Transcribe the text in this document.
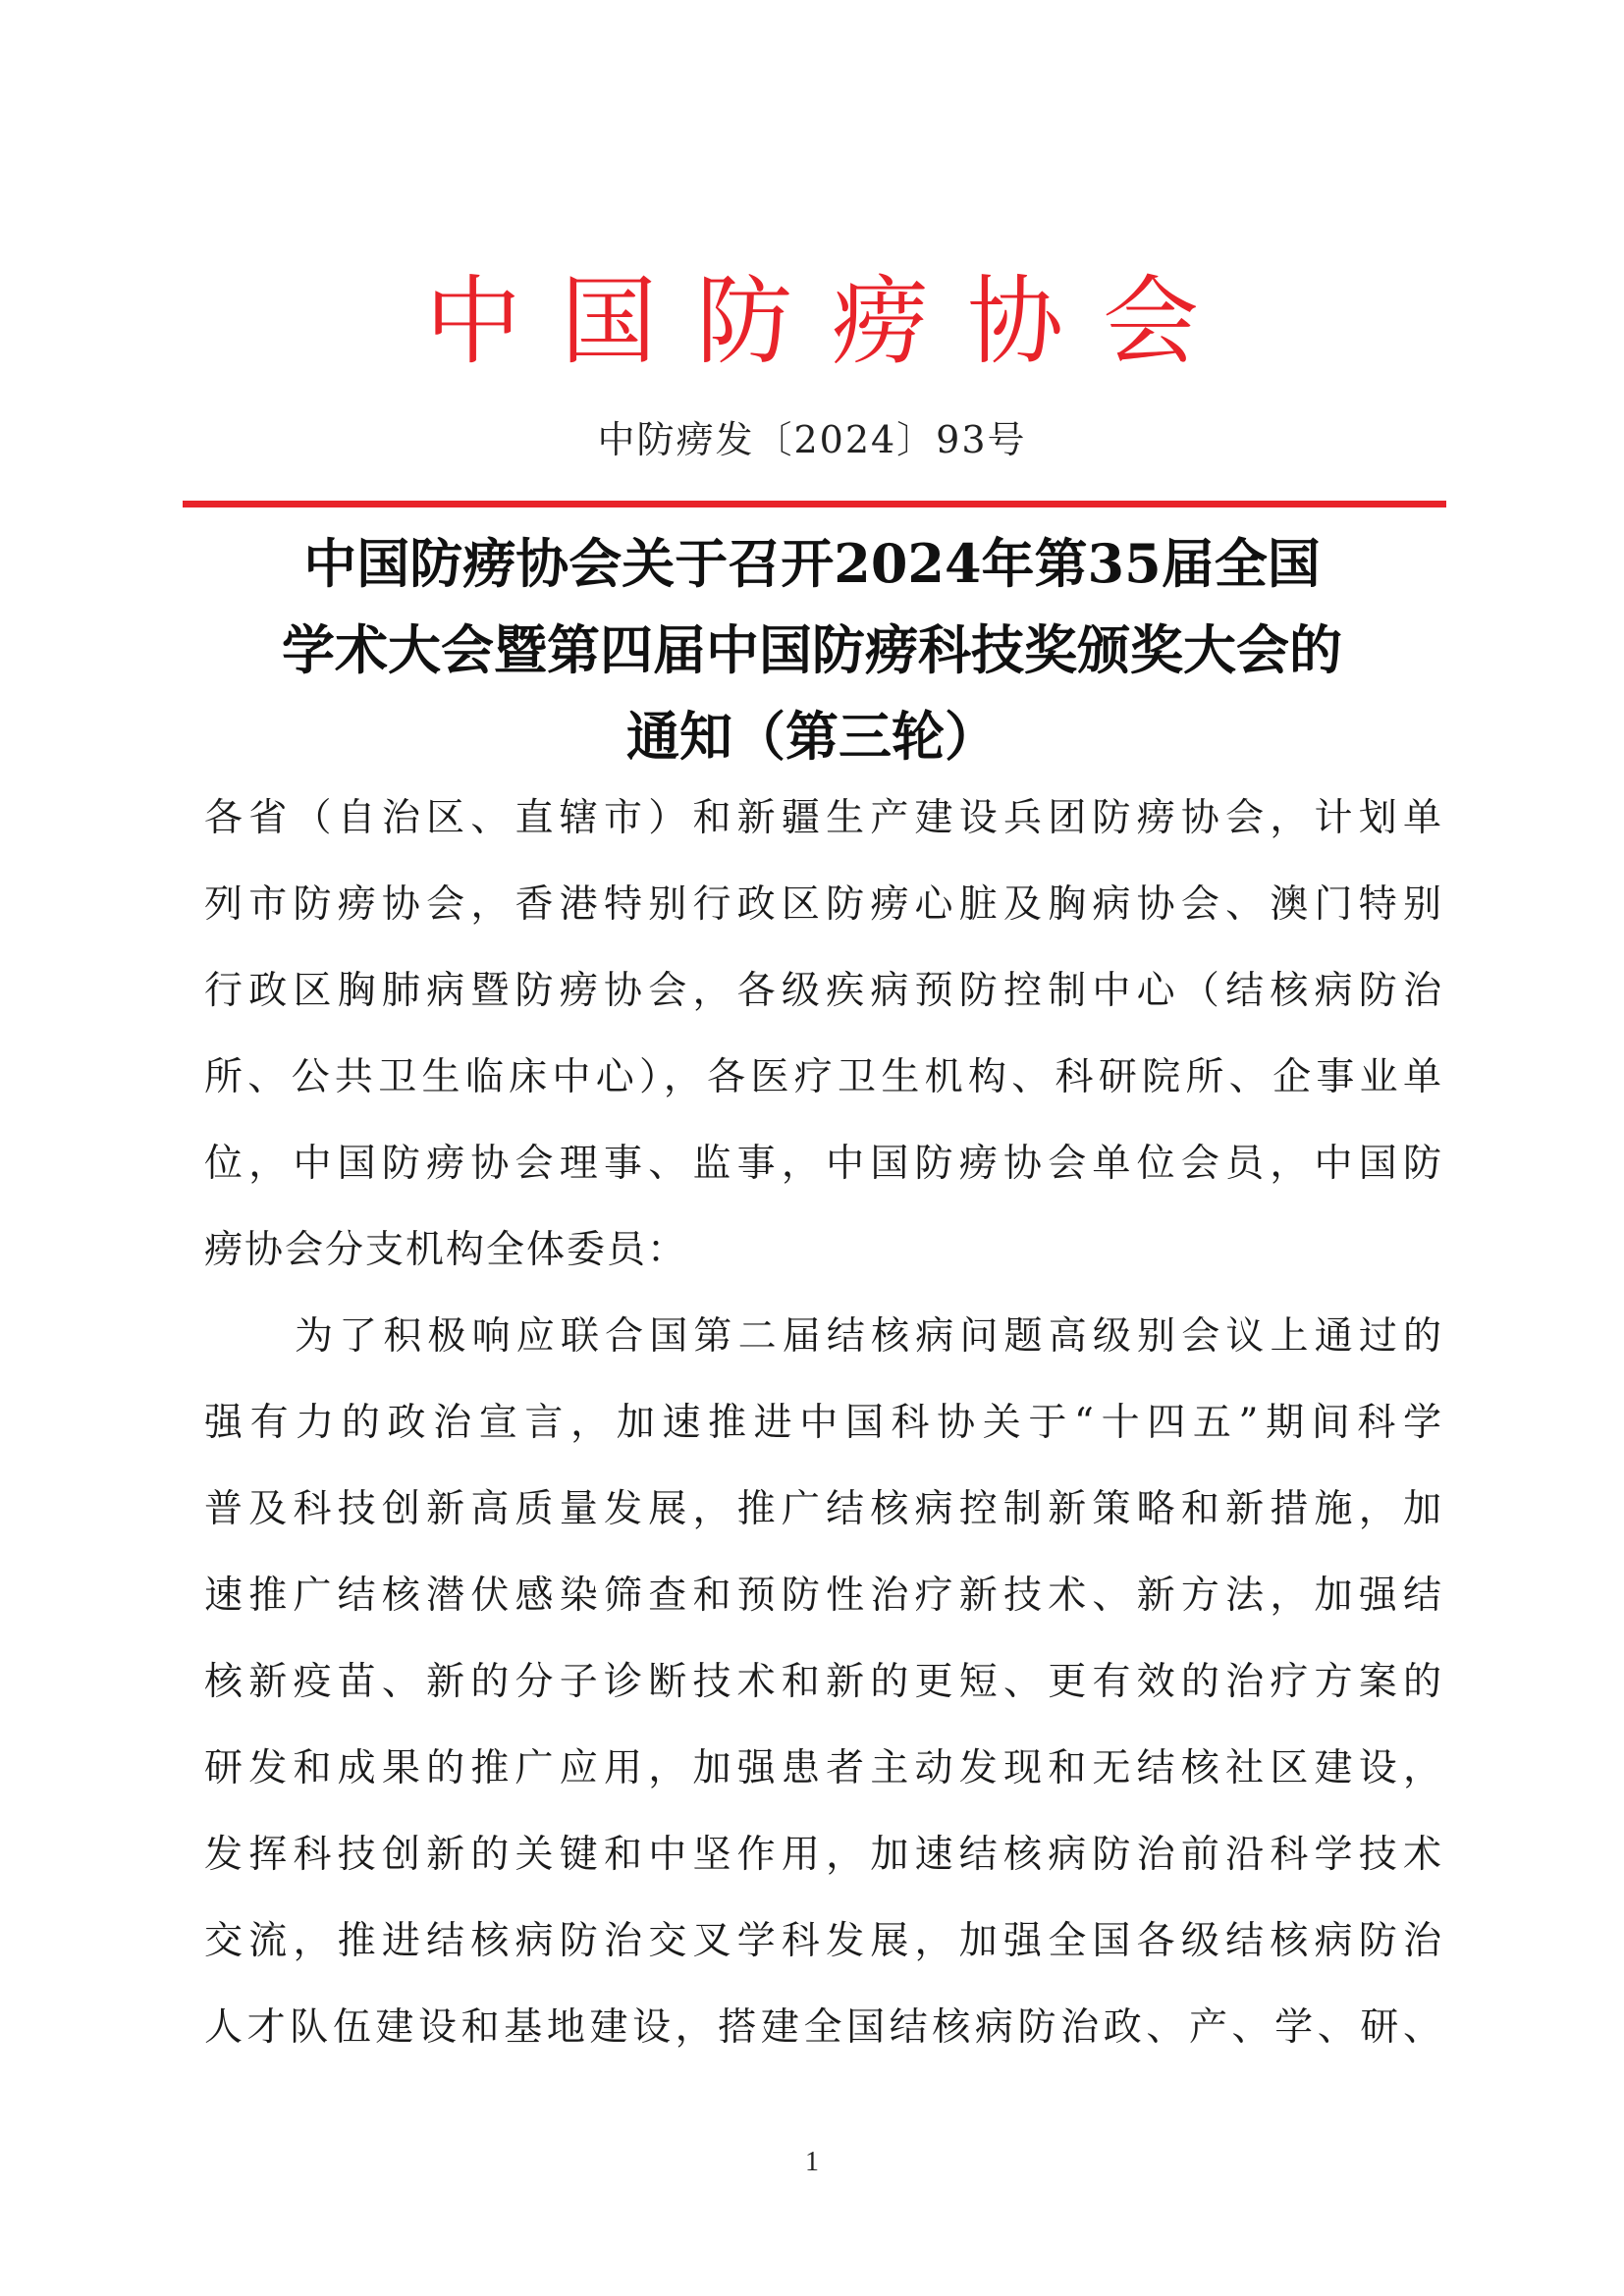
中国防痨协会
中防痨发〔2024〕93号
中国防痨协会关于召开2024年第35届全国
学术大会暨第四届中国防痨科技奖颁奖大会的
通知（第三轮）
各省（自治区、直辖市）和新疆生产建设兵团防痨协会，计划单
列市防痨协会，香港特别行政区防痨心脏及胸病协会、澳门特别
行政区胸肺病暨防痨协会，各级疾病预防控制中心（结核病防治
所、公共卫生临床中心），各医疗卫生机构、科研院所、企事业单
位，中国防痨协会理事、监事，中国防痨协会单位会员，中国防
痨协会分支机构全体委员：
为了积极响应联合国第二届结核病问题高级别会议上通过的
强有力的政治宣言，加速推进中国科协关于“十四五”期间科学
普及科技创新高质量发展，推广结核病控制新策略和新措施，加
速推广结核潜伏感染筛查和预防性治疗新技术、新方法，加强结
核新疫苗、新的分子诊断技术和新的更短、更有效的治疗方案的
研发和成果的推广应用，加强患者主动发现和无结核社区建设，
发挥科技创新的关键和中坚作用，加速结核病防治前沿科学技术
交流，推进结核病防治交叉学科发展，加强全国各级结核病防治
人才队伍建设和基地建设，搭建全国结核病防治政、产、学、研、
1
